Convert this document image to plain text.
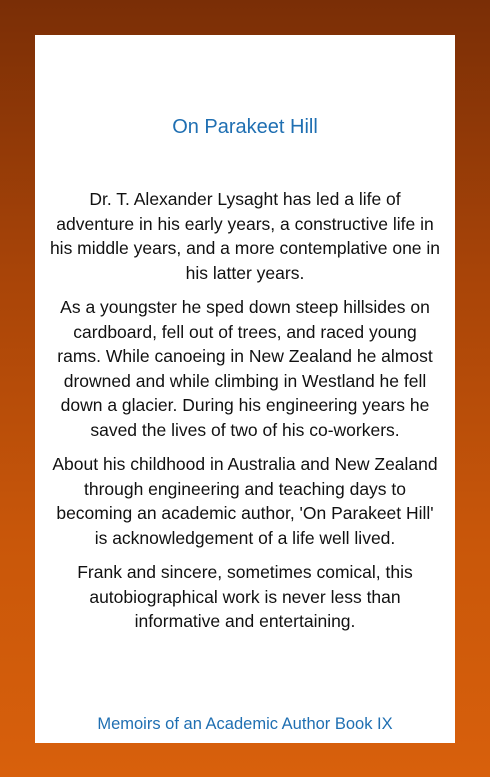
On Parakeet Hill

Dr. T. Alexander Lysaght has led a life of adventure in his early years, a constructive life in his middle years, and a more contemplative one in his latter years.

As a youngster he sped down steep hillsides on cardboard, fell out of trees, and raced young rams. While canoeing in New Zealand he almost drowned and while climbing in Westland he fell down a glacier. During his engineering years he saved the lives of two of his co-workers.

About his childhood in Australia and New Zealand through engineering and teaching days to becoming an academic author, 'On Parakeet Hill' is acknowledgement of a life well lived.

Frank and sincere, sometimes comical, this autobiographical work is never less than informative and entertaining.

Memoirs of an Academic Author Book IX
